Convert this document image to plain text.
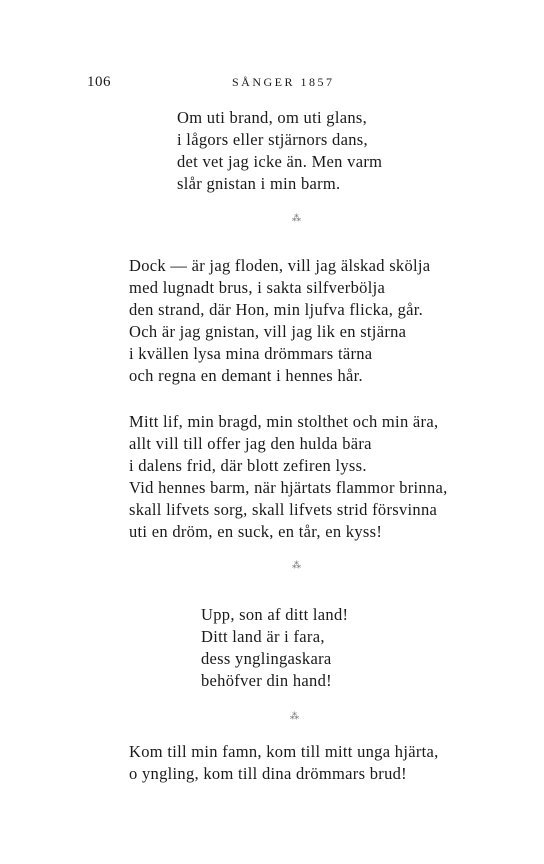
106	SÅNGER 1857
Om uti brand, om uti glans,
i lågors eller stjärnors dans,
det vet jag icke än. Men varm
slår gnistan i min barm.
⁂
Dock — är jag floden, vill jag älskad skölja
med lugnadt brus, i sakta silfverbölja
den strand, där Hon, min ljufva flicka, går.
Och är jag gnistan, vill jag lik en stjärna
i kvällen lysa mina drömmars tärna
och regna en demant i hennes hår.
Mitt lif, min bragd, min stolthet och min ära,
allt vill till offer jag den hulda bära
i dalens frid, där blott zefiren lyss.
Vid hennes barm, när hjärtats flammor brinna,
skall lifvets sorg, skall lifvets strid försvinna
uti en dröm, en suck, en tår, en kyss!
⁂
Upp, son af ditt land!
Ditt land är i fara,
dess ynglingaskara
behöfver din hand!
⁂
Kom till min famn, kom till mitt unga hjärta,
o yngling, kom till dina drömmars brud!
